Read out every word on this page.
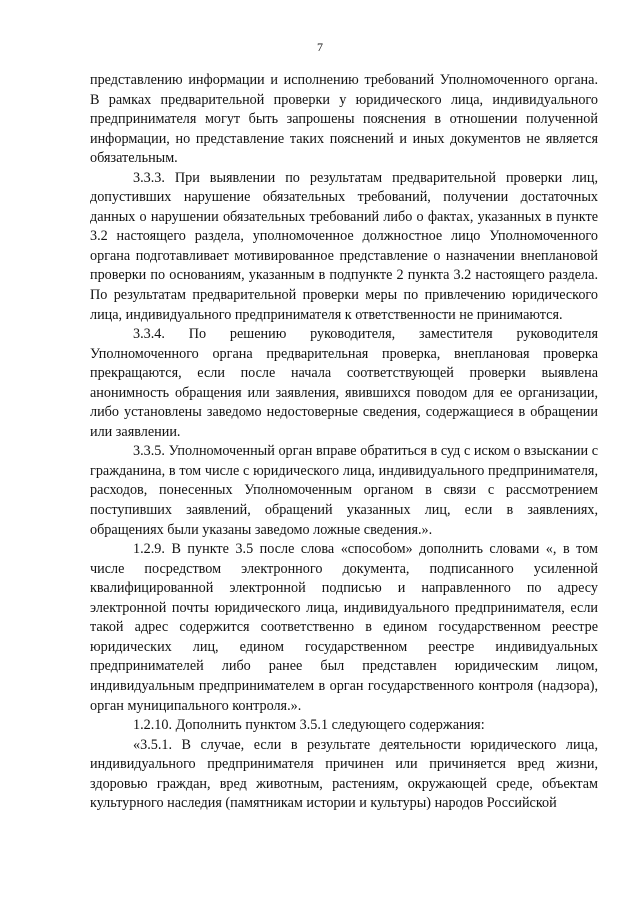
7

представлению информации и исполнению требований Уполномоченного органа. В рамках предварительной проверки у юридического лица, индивидуального предпринимателя могут быть запрошены пояснения в отношении полученной информации, но представление таких пояснений и иных документов не является обязательным.

3.3.3. При выявлении по результатам предварительной проверки лиц, допустивших нарушение обязательных требований, получении достаточных данных о нарушении обязательных требований либо о фактах, указанных в пункте 3.2 настоящего раздела, уполномоченное должностное лицо Уполномоченного органа подготавливает мотивированное представление о назначении внеплановой проверки по основаниям, указанным в подпункте 2 пункта 3.2 настоящего раздела. По результатам предварительной проверки меры по привлечению юридического лица, индивидуального предпринимателя к ответственности не принимаются.

3.3.4. По решению руководителя, заместителя руководителя Уполномоченного органа предварительная проверка, внеплановая проверка прекращаются, если после начала соответствующей проверки выявлена анонимность обращения или заявления, явившихся поводом для ее организации, либо установлены заведомо недостоверные сведения, содержащиеся в обращении или заявлении.

3.3.5. Уполномоченный орган вправе обратиться в суд с иском о взыскании с гражданина, в том числе с юридического лица, индивидуального предпринимателя, расходов, понесенных Уполномоченным органом в связи с рассмотрением поступивших заявлений, обращений указанных лиц, если в заявлениях, обращениях были указаны заведомо ложные сведения.».

1.2.9. В пункте 3.5 после слова «способом» дополнить словами «, в том числе посредством электронного документа, подписанного усиленной квалифицированной электронной подписью и направленного по адресу электронной почты юридического лица, индивидуального предпринимателя, если такой адрес содержится соответственно в едином государственном реестре юридических лиц, едином государственном реестре индивидуальных предпринимателей либо ранее был представлен юридическим лицом, индивидуальным предпринимателем в орган государственного контроля (надзора), орган муниципального контроля.».

1.2.10. Дополнить пунктом 3.5.1 следующего содержания:

«3.5.1. В случае, если в результате деятельности юридического лица, индивидуального предпринимателя причинен или причиняется вред жизни, здоровью граждан, вред животным, растениям, окружающей среде, объектам культурного наследия (памятникам истории и культуры) народов Российской
